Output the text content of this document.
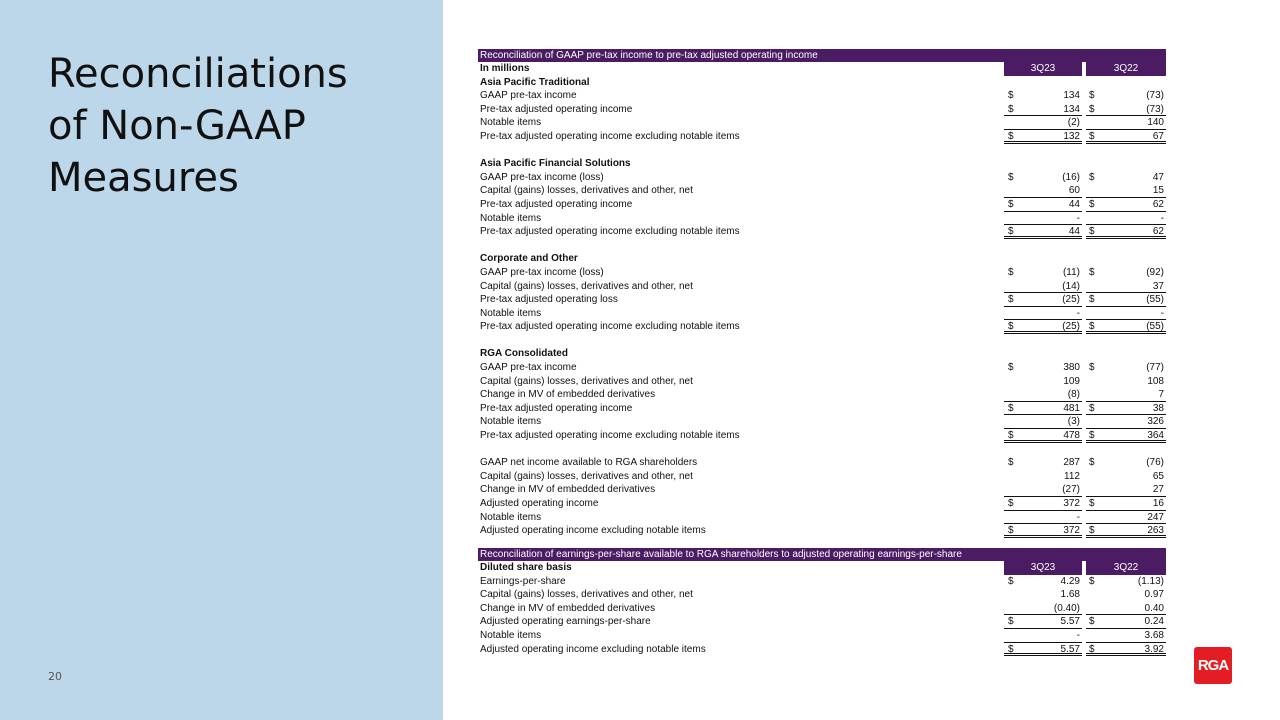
Reconciliations
of Non-GAAP
Measures
20
Reconciliation of GAAP pre-tax income to pre-tax adjusted operating income
In millions	3Q23	3Q22
Asia Pacific Traditional
GAAP pre-tax income	$	134 $	(73)
Pre-tax adjusted operating income	$	134 $	(73)
Notable items	(2)	140
Pre-tax adjusted operating income excluding notable items	$	132 $	67
Asia Pacific Financial Solutions
GAAP pre-tax income (loss)	$	(16) $	47
Capital (gains) losses, derivatives and other, net	60	15
Pre-tax adjusted operating income	$	44 $	62
Notable items	-	-
Pre-tax adjusted operating income excluding notable items	$	44 $	62
Corporate and Other
GAAP pre-tax income (loss)	$	(11) $	(92)
Capital (gains) losses, derivatives and other, net	(14)	37
Pre-tax adjusted operating loss	$	(25) $	(55)
Notable items	-	-
Pre-tax adjusted operating income excluding notable items	$	(25) $	(55)
RGA Consolidated
GAAP pre-tax income	$	380 $	(77)
Capital (gains) losses, derivatives and other, net	109	108
Change in MV of embedded derivatives	(8)	7
Pre-tax adjusted operating income	$	481 $	38
Notable items	(3)	326
Pre-tax adjusted operating income excluding notable items	$	478 $	364
GAAP net income available to RGA shareholders	$	287 $	(76)
Capital (gains) losses, derivatives and other, net	112	65
Change in MV of embedded derivatives	(27)	27
Adjusted operating income	$	372 $	16
Notable items	-	247
Adjusted operating income excluding notable items	$	372 $	263
Reconciliation of earnings-per-share available to RGA shareholders to adjusted operating earnings-per-share
Diluted share basis	3Q23	3Q22
Earnings-per-share	$	4.29 $	(1.13)
Capital (gains) losses, derivatives and other, net	1.68	0.97
Change in MV of embedded derivatives	(0.40)	0.40
Adjusted operating earnings-per-share	$	5.57 $	0.24
Notable items	-	3.68
Adjusted operating income excluding notable items	$	5.57 $	3.92
RGA
